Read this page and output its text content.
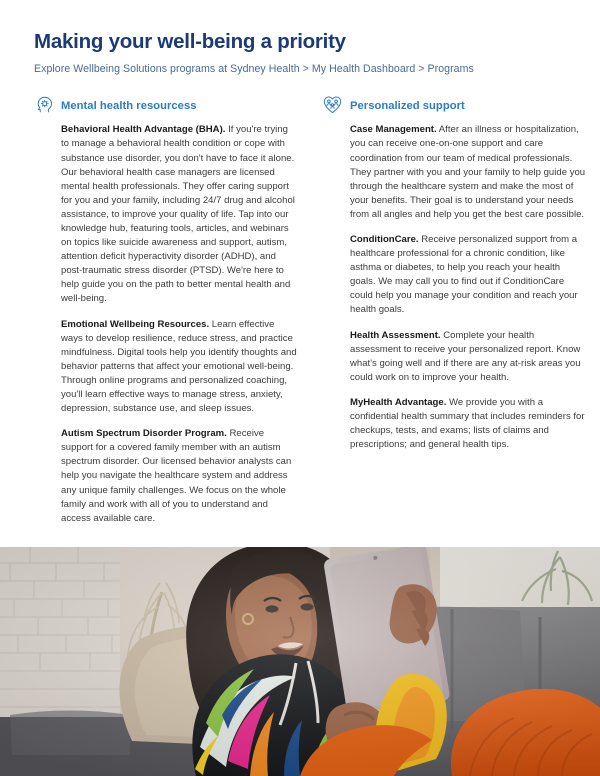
Making your well-being a priority
Explore Wellbeing Solutions programs at Sydney Health > My Health Dashboard > Programs
Mental health resourcess

Behavioral Health Advantage (BHA). If you're trying to manage a behavioral health condition or cope with substance use disorder, you don't have to face it alone. Our behavioral health case managers are licensed mental health professionals. They offer caring support for you and your family, including 24/7 drug and alcohol assistance, to improve your quality of life. Tap into our knowledge hub, featuring tools, articles, and webinars on topics like suicide awareness and support, autism, attention deficit hyperactivity disorder (ADHD), and post-traumatic stress disorder (PTSD). We're here to help guide you on the path to better mental health and well-being.

Emotional Wellbeing Resources. Learn effective ways to develop resilience, reduce stress, and practice mindfulness. Digital tools help you identify thoughts and behavior patterns that affect your emotional well-being. Through online programs and personalized coaching, you'll learn effective ways to manage stress, anxiety, depression, substance use, and sleep issues.

Autism Spectrum Disorder Program. Receive support for a covered family member with an autism spectrum disorder. Our licensed behavior analysts can help you navigate the healthcare system and address any unique family challenges. We focus on the whole family and work with all of you to understand and access available care.

Personalized support

Case Management. After an illness or hospitalization, you can receive one-on-one support and care coordination from our team of medical professionals. They partner with you and your family to help guide you through the healthcare system and make the most of your benefits. Their goal is to understand your needs from all angles and help you get the best care possible.

ConditionCare. Receive personalized support from a healthcare professional for a chronic condition, like asthma or diabetes, to help you reach your health goals. We may call you to find out if ConditionCare could help you manage your condition and reach your health goals.

Health Assessment. Complete your health assessment to receive your personalized report. Know what's going well and if there are any at-risk areas you could work on to improve your health.

MyHealth Advantage. We provide you with a confidential health summary that includes reminders for checkups, tests, and exams; lists of claims and prescriptions; and general health tips.
